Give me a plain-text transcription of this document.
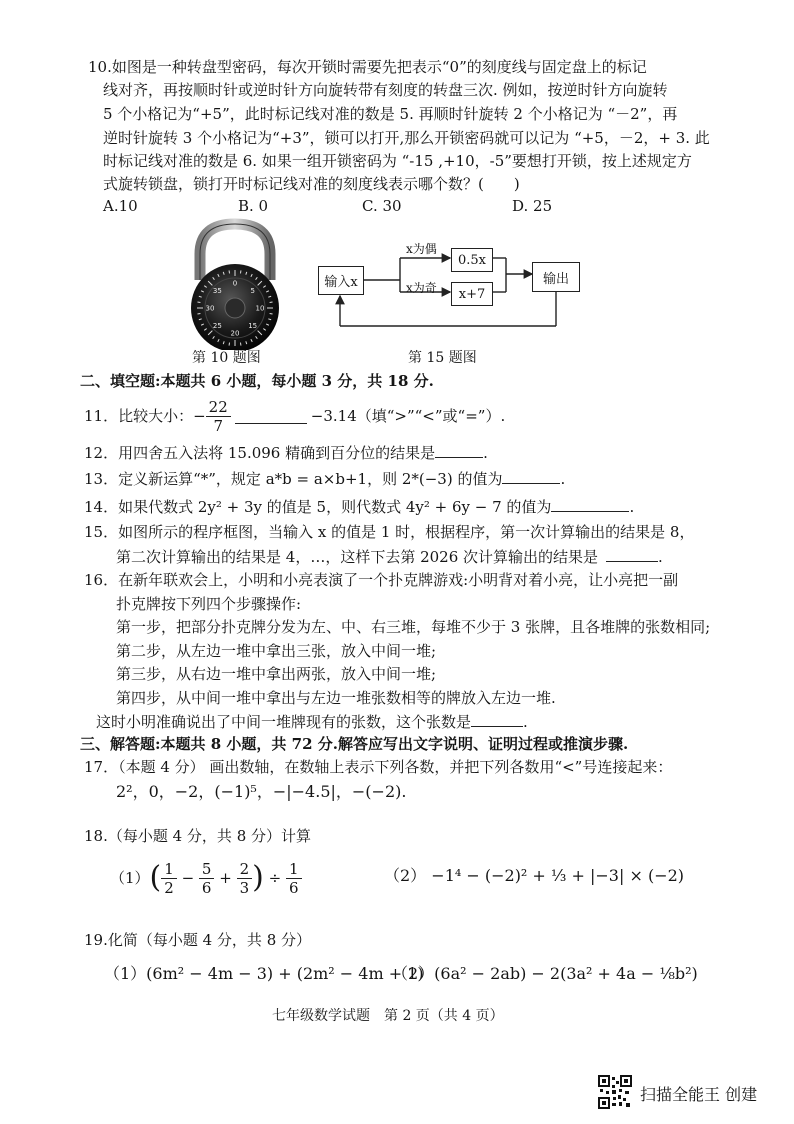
10.如图是一种转盘型密码，每次开锁时需要先把表示“0”的刻度线与固定盘上的标记
线对齐，再按顺时针或逆时针方向旋转带有刻度的转盘三次. 例如，按逆时针方向旋转
5 个小格记为“+5”，此时标记线对准的数是 5. 再顺时针旋转 2 个小格记为 “－2”，再
逆时针旋转 3 个小格记为“+3”，锁可以打开,那么开锁密码就可以记为 “+5，－2，+ 3. 此
时标记线对准的数是 6. 如果一组开锁密码为 “-15 ,+10，-5”要想打开锁，按上述规定方
式旋转锁盘，锁打开时标记线对准的刻度线表示哪个数？(　　)
A.10	B. 0	C. 30	D. 25
0
5
10
15
20
25
30
35
第 10 题图
输入x
0.5x
x+7
输出
x为偶
x为奇
第 15 题图
二、填空题:本题共 6 小题，每小题 3 分，共 18 分.
11．比较大小： − $\frac{22}{7}$	−3.14（填“>”“<”或“=”）.
12．用四舍五入法将 15.096 精确到百分位的结果是	.
13．定义新运算“*”，规定 a*b = a×b+1，则 2*(−3) 的值为	.
14．如果代数式 2y² + 3y 的值是 5，则代数式 4y² + 6y − 7 的值为	.
15．如图所示的程序框图，当输入 x 的值是 1 时，根据程序，第一次计算输出的结果是 8，
第二次计算输出的结果是 4，…，这样下去第 2026 次计算输出的结果是	.
16．在新年联欢会上，小明和小亮表演了一个扑克牌游戏:小明背对着小亮，让小亮把一副
扑克牌按下列四个步骤操作:
第一步，把部分扑克牌分发为左、中、右三堆，每堆不少于 3 张牌，且各堆牌的张数相同;
第二步，从左边一堆中拿出三张，放入中间一堆;
第三步，从右边一堆中拿出两张，放入中间一堆;
第四步，从中间一堆中拿出与左边一堆张数相等的牌放入左边一堆.
这时小明准确说出了中间一堆牌现有的张数，这个张数是	.
三、解答题:本题共 8 小题，共 72 分.解答应写出文字说明、证明过程或推演步骤.
17．（本题 4 分） 画出数轴，在数轴上表示下列各数，并把下列各数用“<”号连接起来：
2²，0，−2，(−1)⁵，−|−4.5|，−(−2).
18.（每小题 4 分，共 8 分）计算
（1） ( $\frac{1}{2} - \frac{5}{6} + \frac{2}{3}$ ) ÷ $\frac{1}{6}$	（2） −1⁴ − (−2)² + ⅓ + |−3| × (−2)
19.化简（每小题 4 分，共 8 分）
（1）(6m² − 4m − 3) + (2m² − 4m + 1)
（2）(6a² − 2ab) − 2(3a² + 4a − ⅛b²)
七年级数学试题　第 2 页（共 4 页）
扫描全能王 创建
